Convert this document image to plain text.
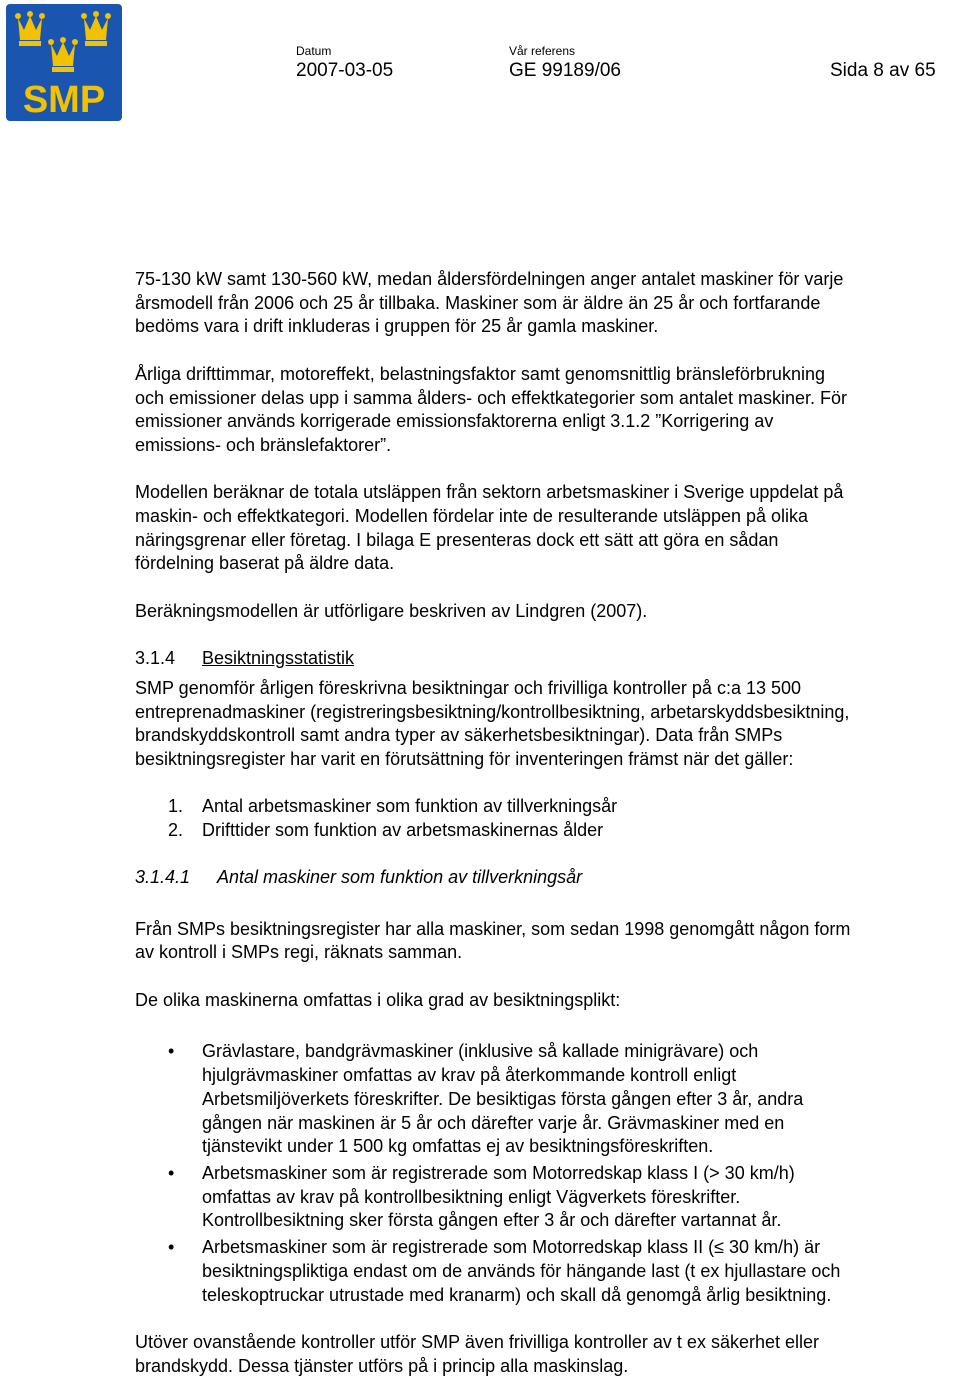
SMP
Datum
2007-03-05
Vår referens
GE 99189/06	Sida 8 av 65

75-130 kW samt 130-560 kW, medan åldersfördelningen anger antalet maskiner för varje
årsmodell från 2006 och 25 år tillbaka. Maskiner som är äldre än 25 år och fortfarande
bedöms vara i drift inkluderas i gruppen för 25 år gamla maskiner.

Årliga drifttimmar, motoreffekt, belastningsfaktor samt genomsnittlig bränsleförbrukning
och emissioner delas upp i samma ålders- och effektkategorier som antalet maskiner. För
emissioner används korrigerade emissionsfaktorerna enligt 3.1.2 ”Korrigering av
emissions- och bränslefaktorer”.

Modellen beräknar de totala utsläppen från sektorn arbetsmaskiner i Sverige uppdelat på
maskin- och effektkategori. Modellen fördelar inte de resulterande utsläppen på olika
näringsgrenar eller företag. I bilaga E presenteras dock ett sätt att göra en sådan
fördelning baserat på äldre data.

Beräkningsmodellen är utförligare beskriven av Lindgren (2007).

3.1.4	Besiktningsstatistik

SMP genomför årligen föreskrivna besiktningar och frivilliga kontroller på c:a 13 500
entreprenadmaskiner (registreringsbesiktning/kontrollbesiktning, arbetarskyddsbesiktning,
brandskyddskontroll samt andra typer av säkerhetsbesiktningar). Data från SMPs
besiktningsregister har varit en förutsättning för inventeringen främst när det gäller:

1.	Antal arbetsmaskiner som funktion av tillverkningsår
2.	Drifttider som funktion av arbetsmaskinernas ålder
3.1.4.1	Antal maskiner som funktion av tillverkningsår

Från SMPs besiktningsregister har alla maskiner, som sedan 1998 genomgått någon form
av kontroll i SMPs regi, räknats samman.

De olika maskinerna omfattas i olika grad av besiktningsplikt:

•	Grävlastare, bandgrävmaskiner (inklusive så kallade minigrävare) och
hjulgrävmaskiner omfattas av krav på återkommande kontroll enligt
Arbetsmiljöverkets föreskrifter. De besiktigas första gången efter 3 år, andra
gången när maskinen är 5 år och därefter varje år. Grävmaskiner med en
tjänstevikt under 1 500 kg omfattas ej av besiktningsföreskriften.
•	Arbetsmaskiner som är registrerade som Motorredskap klass I (> 30 km/h)
omfattas av krav på kontrollbesiktning enligt Vägverkets föreskrifter.
Kontrollbesiktning sker första gången efter 3 år och därefter vartannat år.
•	Arbetsmaskiner som är registrerade som Motorredskap klass II (≤ 30 km/h) är
besiktningspliktiga endast om de används för hängande last (t ex hjullastare och
teleskoptruckar utrustade med kranarm) och skall då genomgå årlig besiktning.

Utöver ovanstående kontroller utför SMP även frivilliga kontroller av t ex säkerhet eller
brandskydd. Dessa tjänster utförs på i princip alla maskinslag.
